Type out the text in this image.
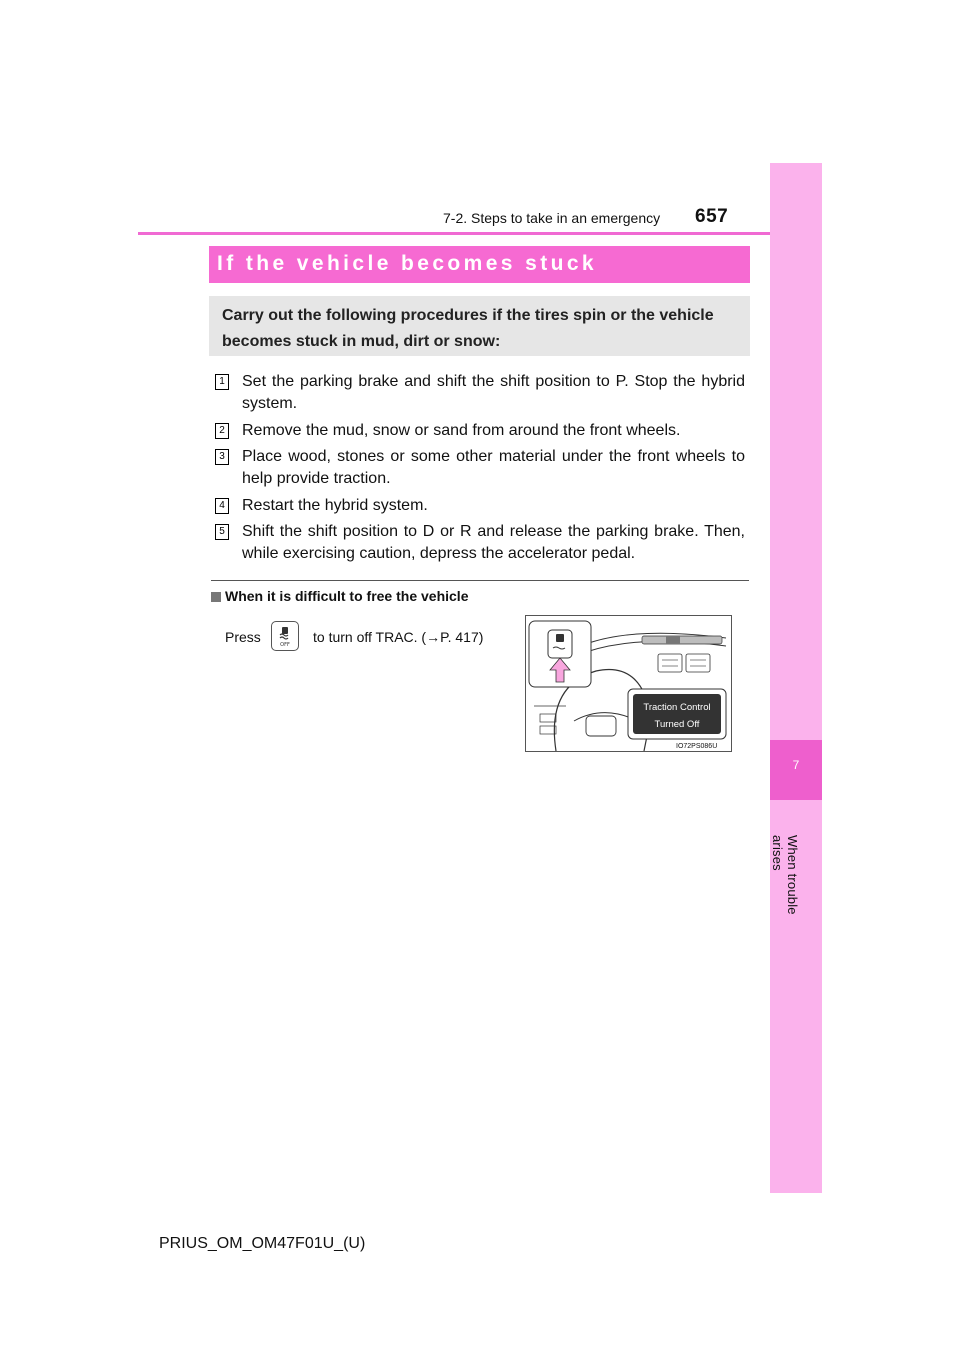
7-2. Steps to take in an emergency 657
7
When trouble arises
If the vehicle becomes stuck
Carry out the following procedures if the tires spin or the vehicle becomes stuck in mud, dirt or snow:
1 Set the parking brake and shift the shift position to P. Stop the hybrid system.
2 Remove the mud, snow or sand from around the front wheels.
3 Place wood, stones or some other material under the front wheels to help provide traction.
4 Restart the hybrid system.
5 Shift the shift position to D or R and release the parking brake. Then, while exercising caution, depress the accelerator pedal.
When it is difficult to free the vehicle
Press	OFF to turn off TRAC. (→P. 417)
Traction Control
Turned Off
IO72PS086U
PRIUS_OM_OM47F01U_(U)
